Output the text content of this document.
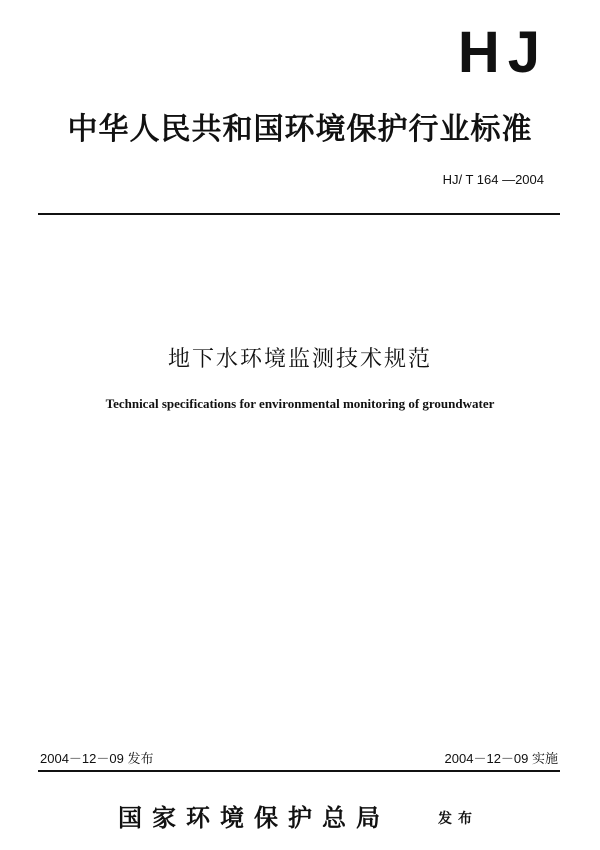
HJ
中华人民共和国环境保护行业标准
HJ/ T 164 —2004
地下水环境监测技术规范
Technical specifications for environmental monitoring of groundwater
2004－12－09 发布	2004－12－09 实施
国家环境保护总局	发布
